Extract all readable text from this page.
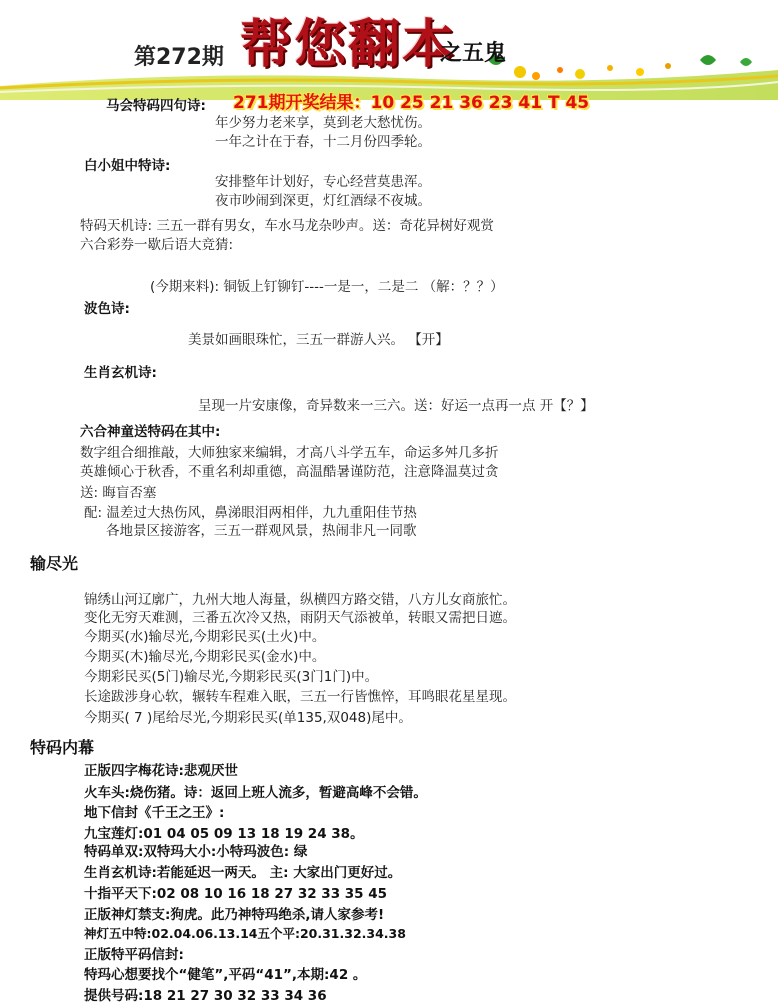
第272期 帮您翻本
之五鬼
271期开奖结果：10 25 21 36 23 41 T 45
马会特码四句诗:
年少努力老来享，莫到老大愁忧伤。
一年之计在于春，十二月份四季轮。
白小姐中特诗:
安排整年计划好，专心经营莫患浑。
夜市吵闹到深更，灯红酒绿不夜城。
特码天机诗: 三五一群有男女，车水马龙杂吵声。送：奇花异树好观赏
六合彩券一歇后语大竞猜:
(今期来料): 铜钣上钉铆钉----一是一，二是二 （解：？？）
波色诗:
美景如画眼珠忙，三五一群游人兴。 【开】
生肖玄机诗:
呈现一片安康像，奇异数来一三六。送：好运一点再一点 开【？】
六合神童送特码在其中:
数字组合细推敲，大师独家来编辑，才高八斗学五车，命运多舛几多折
英雄倾心于秋香，不重名利却重德，高温酷暑谨防范，注意降温莫过贪
送: 晦盲否塞
配: 温差过大热伤风，鼻涕眼泪两相伴，九九重阳佳节热
各地景区接游客，三五一群观风景，热闹非凡一同歌
输尽光
锦绣山河辽廓广，九州大地人海量，纵横四方路交错，八方儿女商旅忙。
变化无穷天难测，三番五次冷又热，雨阴天气添被单，转眼又需把日遮。
今期买(水)输尽光,今期彩民买(土火)中。
今期买(木)输尽光,今期彩民买(金水)中。
今期彩民买(5门)输尽光,今期彩民买(3门1门)中。
长途跋涉身心软，辗转车程难入眠，三五一行皆憔悴，耳鸣眼花星星现。
今期买( 7 )尾给尽光,今期彩民买(单135,双048)尾中。
特码内幕
正版四字梅花诗:悲观厌世
火车头:烧伤猪。诗：返回上班人流多，暂避高峰不会错。
地下信封《千王之王》:
九宝莲灯:01 04 05 09 13 18 19 24 38。
特码单双:双特玛大小:小特玛波色: 绿
生肖玄机诗:若能延迟一两天。 主: 大家出门更好过。
十指平天下:02 08 10 16 18 27 32 33 35 45
正版神灯禁支:狗虎。此乃神特玛绝杀,请人家参考!
神灯五中特:02.04.06.13.14五个平:20.31.32.34.38
正版特平码信封:
特玛心想要找个“健笔”,平码“41”,本期:42 。
提供号码:18 21 27 30 32 33 34 36
